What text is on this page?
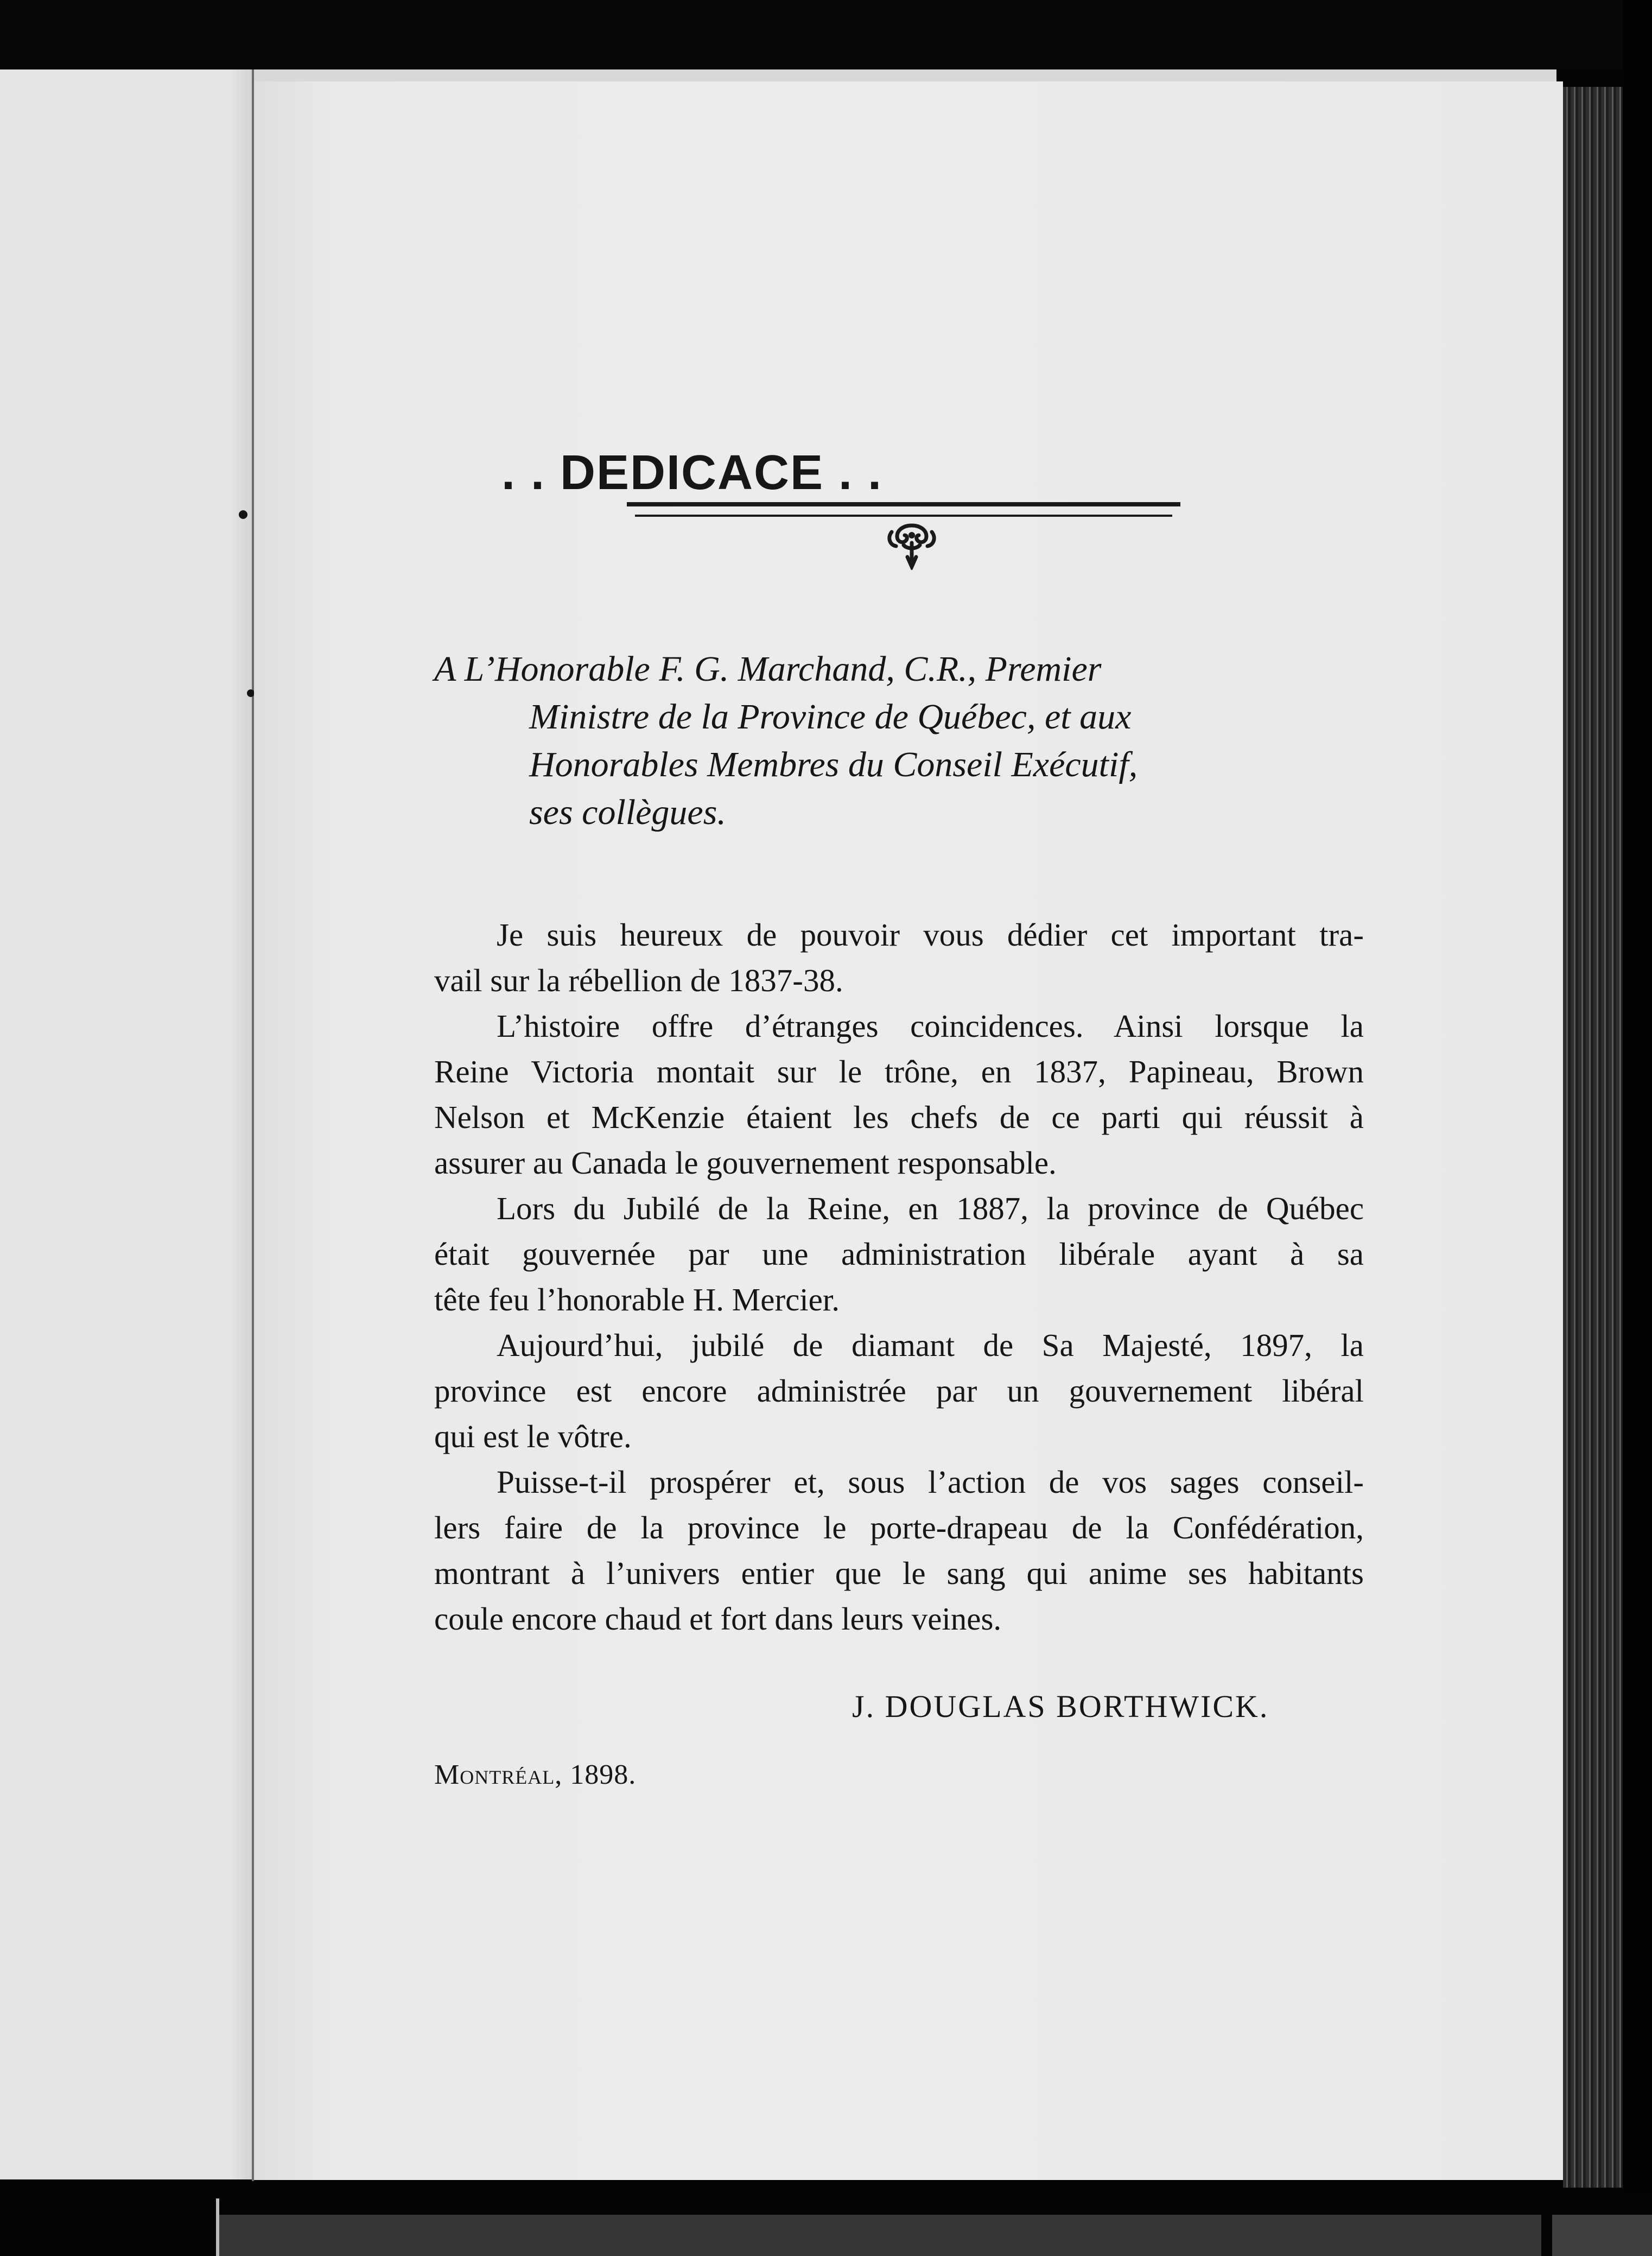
. . DEDICACE . .
A L’Honorable F. G. Marchand, C.R., Premier
Ministre de la Province de Québec, et aux
Honorables Membres du Conseil Exécutif,
ses collègues.
Je suis heureux de pouvoir vous dédier cet important tra-
vail sur la rébellion de 1837-38.
L’histoire offre d’étranges coincidences. Ainsi lorsque la
Reine Victoria montait sur le trône, en 1837, Papineau, Brown
Nelson et McKenzie étaient les chefs de ce parti qui réussit à
assurer au Canada le gouvernement responsable.
Lors du Jubilé de la Reine, en 1887, la province de Québec
était gouvernée par une administration libérale ayant à sa
tête feu l’honorable H. Mercier.
Aujourd’hui, jubilé de diamant de Sa Majesté, 1897, la
province est encore administrée par un gouvernement libéral
qui est le vôtre.
Puisse-t-il prospérer et, sous l’action de vos sages conseil-
lers faire de la province le porte-drapeau de la Confédération,
montrant à l’univers entier que le sang qui anime ses habitants
coule encore chaud et fort dans leurs veines.
J. DOUGLAS BORTHWICK.
Montréal, 1898.
